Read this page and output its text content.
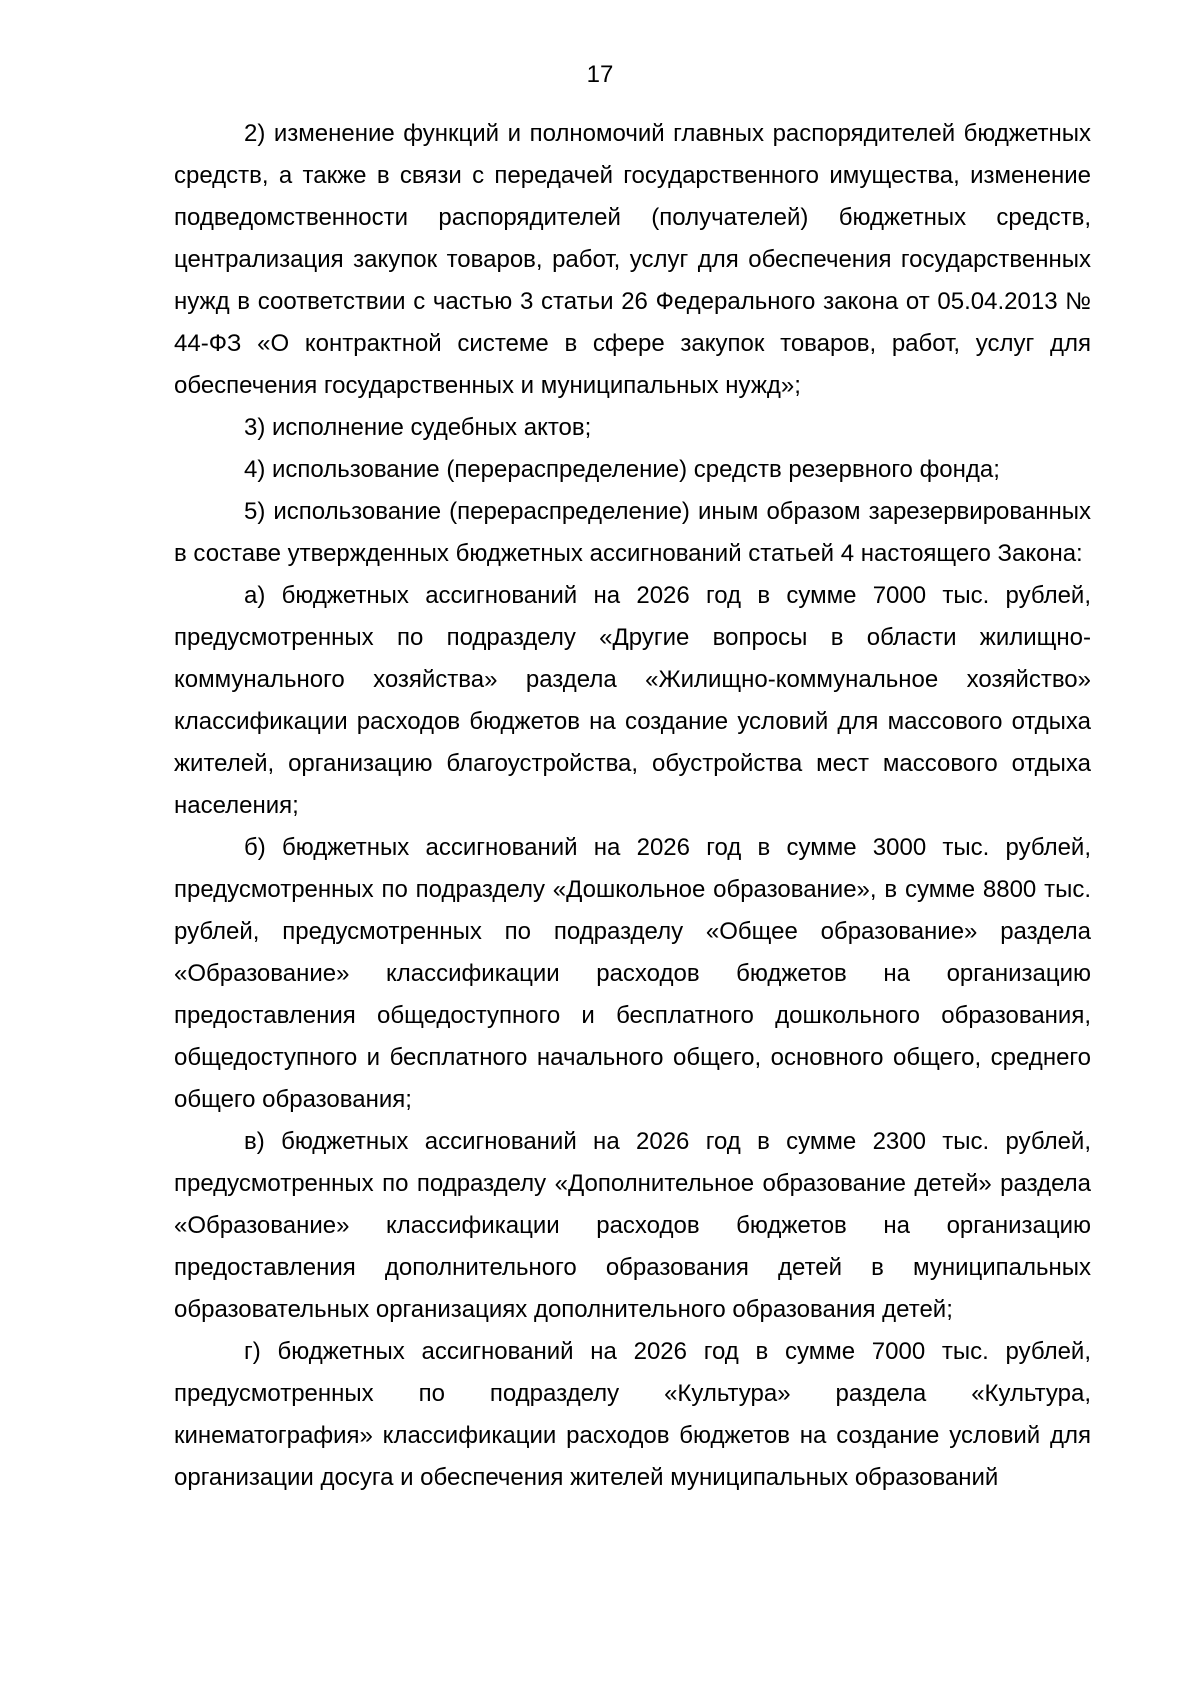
17

2) изменение функций и полномочий главных распорядителей бюджетных средств, а также в связи с передачей государственного имущества, изменение подведомственности распорядителей (получателей) бюджетных средств, централизация закупок товаров, работ, услуг для обеспечения государственных нужд в соответствии с частью 3 статьи 26 Федерального закона от 05.04.2013 № 44-ФЗ «О контрактной системе в сфере закупок товаров, работ, услуг для обеспечения государственных и муниципальных нужд»;

3) исполнение судебных актов;

4) использование (перераспределение) средств резервного фонда;

5) использование (перераспределение) иным образом зарезервированных в составе утвержденных бюджетных ассигнований статьей 4 настоящего Закона:

а) бюджетных ассигнований на 2026 год в сумме 7000 тыс. рублей, предусмотренных по подразделу «Другие вопросы в области жилищно-коммунального хозяйства» раздела «Жилищно-коммунальное хозяйство» классификации расходов бюджетов на создание условий для массового отдыха жителей, организацию благоустройства, обустройства мест массового отдыха населения;

б) бюджетных ассигнований на 2026 год в сумме 3000 тыс. рублей, предусмотренных по подразделу «Дошкольное образование», в сумме 8800 тыс. рублей, предусмотренных по подразделу «Общее образование» раздела «Образование» классификации расходов бюджетов на организацию предоставления общедоступного и бесплатного дошкольного образования, общедоступного и бесплатного начального общего, основного общего, среднего общего образования;

в) бюджетных ассигнований на 2026 год в сумме 2300 тыс. рублей, предусмотренных по подразделу «Дополнительное образование детей» раздела «Образование» классификации расходов бюджетов на организацию предоставления дополнительного образования детей в муниципальных образовательных организациях дополнительного образования детей;

г) бюджетных ассигнований на 2026 год в сумме 7000 тыс. рублей, предусмотренных по подразделу «Культура» раздела «Культура, кинематография» классификации расходов бюджетов на создание условий для организации досуга и обеспечения жителей муниципальных образований
